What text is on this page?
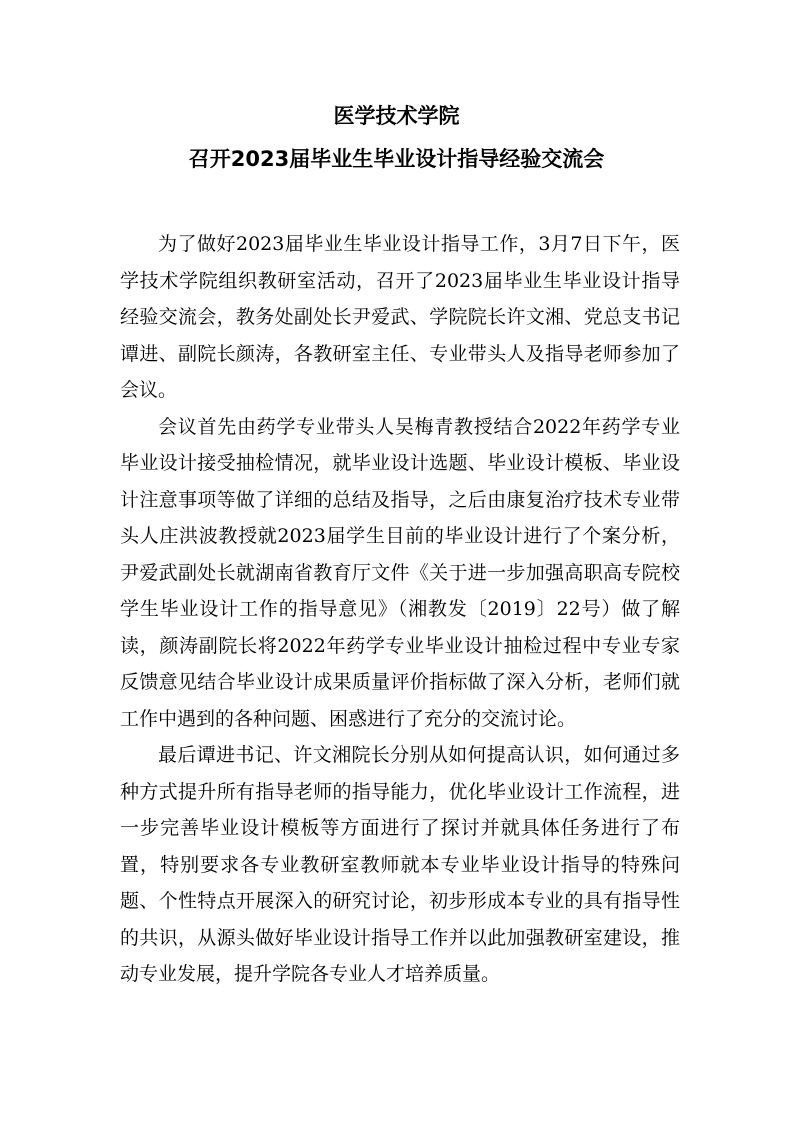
医学技术学院
召开2023届毕业生毕业设计指导经验交流会

为了做好2023届毕业生毕业设计指导工作，3月7日下午，医学技术学院组织教研室活动，召开了2023届毕业生毕业设计指导经验交流会，教务处副处长尹爱武、学院院长许文湘、党总支书记谭进、副院长颜涛，各教研室主任、专业带头人及指导老师参加了会议。

会议首先由药学专业带头人吴梅青教授结合2022年药学专业毕业设计接受抽检情况，就毕业设计选题、毕业设计模板、毕业设计注意事项等做了详细的总结及指导，之后由康复治疗技术专业带头人庄洪波教授就2023届学生目前的毕业设计进行了个案分析，尹爱武副处长就湖南省教育厅文件《关于进一步加强高职高专院校学生毕业设计工作的指导意见》（湘教发〔2019〕22号）做了解读，颜涛副院长将2022年药学专业毕业设计抽检过程中专业专家反馈意见结合毕业设计成果质量评价指标做了深入分析，老师们就工作中遇到的各种问题、困惑进行了充分的交流讨论。

最后谭进书记、许文湘院长分别从如何提高认识，如何通过多种方式提升所有指导老师的指导能力，优化毕业设计工作流程，进一步完善毕业设计模板等方面进行了探讨并就具体任务进行了布置，特别要求各专业教研室教师就本专业毕业设计指导的特殊问题、个性特点开展深入的研究讨论，初步形成本专业的具有指导性的共识，从源头做好毕业设计指导工作并以此加强教研室建设，推动专业发展，提升学院各专业人才培养质量。
